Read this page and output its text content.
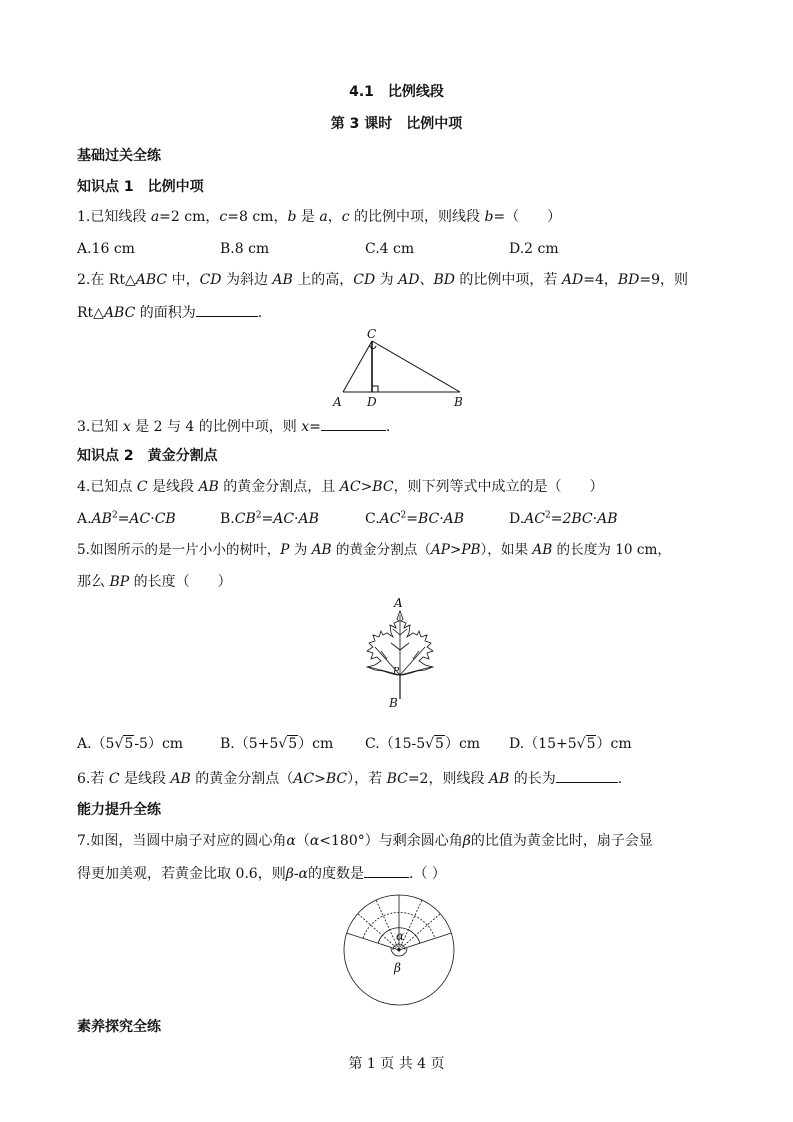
4.1　比例线段
第 3 课时　比例中项
基础过关全练
知识点 1　比例中项
1.已知线段 a=2 cm，c=8 cm，b 是 a，c 的比例中项，则线段 b=（　　）
A.16 cm	B.8 cm	C.4 cm	D.2 cm
2.在 Rt△ABC 中，CD 为斜边 AB 上的高，CD 为 AD、BD 的比例中项，若 AD=4，BD=9，则
Rt△ABC 的面积为	.
C
A D	B
3.已知 x 是 2 与 4 的比例中项，则 x=	.
知识点 2　黄金分割点
4.已知点 C 是线段 AB 的黄金分割点，且 AC>BC，则下列等式中成立的是（　　）
$A.AB^2=AC\cdot CB$	$B.CB^2=AC\cdot AB$	$C.AC^2=BC\cdot AB$	$D.AC^2=2BC\cdot AB$
5.如图所示的是一片小小的树叶，P 为 AB 的黄金分割点（AP>PB），如果 AB 的长度为 10 cm，
那么 BP 的长度（　　）
A
P
B
A.（5√5-5）cm	B.（5+5√5）cm C.（15-5√5）cm D.（15+5√5）cm
6.若 C 是线段 AB 的黄金分割点（AC>BC），若 BC=2，则线段 AB 的长为	.
能力提升全练
7.如图，当圆中扇子对应的圆心角α（α<180°）与剩余圆心角β的比值为黄金比时，扇子会显
得更加美观，若黄金比取 0.6，则β-α的度数是	.（ ）
α
β
素养探究全练
第 1 页 共 4 页
